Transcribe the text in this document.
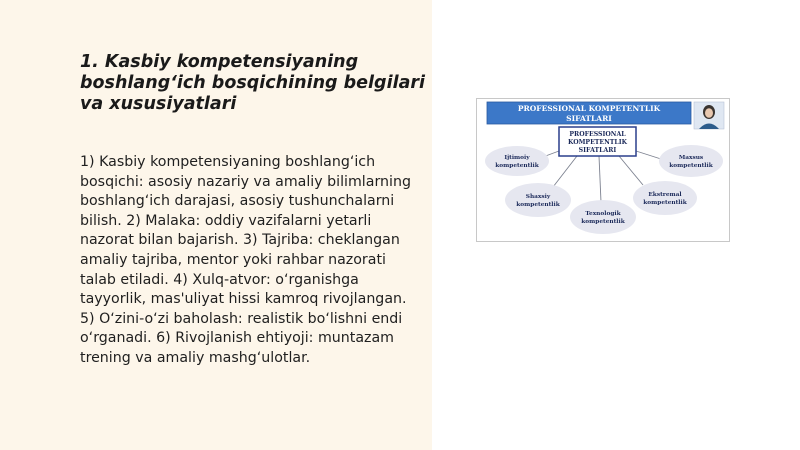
1. Kasbiy kompetensiyaning boshlang‘ich bosqichining belgilari va xususiyatlari

1) Kasbiy kompetensiyaning boshlang‘ich bosqichi: asosiy nazariy va amaliy bilimlarning boshlang‘ich darajasi, asosiy tushunchalarni bilish. 2) Malaka: oddiy vazifalarni yetarli nazorat bilan bajarish. 3) Tajriba: cheklangan amaliy tajriba, mentor yoki rahbar nazorati talab etiladi. 4) Xulq-atvor: o‘rganishga tayyorlik, mas'uliyat hissi kamroq rivojlangan. 5) O‘zini-o‘zi baholash: realistik bo‘lishni endi o‘rganadi. 6) Rivojlanish ehtiyoji: muntazam trening va amaliy mashg‘ulotlar.

PROFESSIONAL KOMPETENTLIK
SIFATLARI
PROFESSIONAL
KOMPETENTLIK
SIFATLARI
Ijtimoiy
kompetentlik
Maxsus
kompetentlik
Shaxsiy
kompetentlik
Texnologik
kompetentlik
Ekstremal
kompetentlik
